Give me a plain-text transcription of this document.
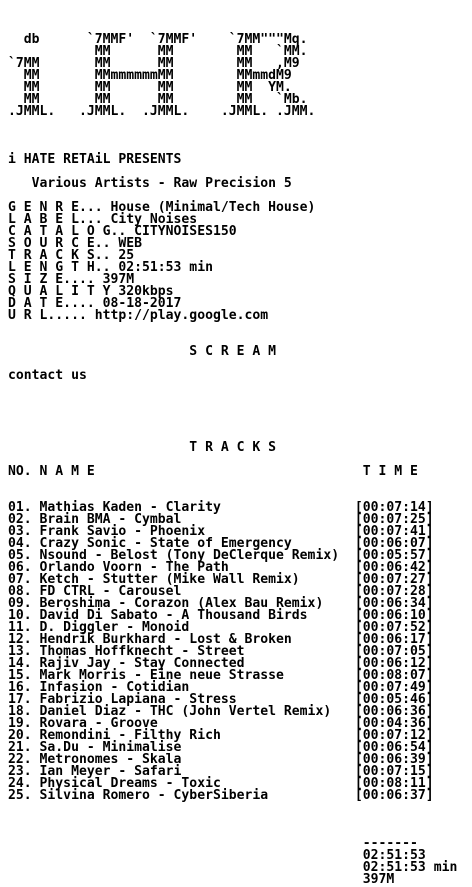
db      `7MMF'  `7MMF'    `7MM"""Mq.
MM      MM        MM   `MM.
`7MM       MM      MM        MM   ,M9
MM       MMmmmmmmMM        MMmmdM9
MM       MM      MM        MM  YM.
MM       MM      MM        MM   `Mb.
.JMML.   .JMML.  .JMML.    .JMML. .JMM.
i HATE RETAiL PRESENTS
Various Artists - Raw Precision 5
G E N R E... House (Minimal/Tech House)
L A B E L... City Noises
C A T A L O G.. CITYNOISES150
S O U R C E.. WEB
T R A C K S.. 25
L E N G T H.. 02:51:53 min
S I Z E.... 397M
Q U A L I T Y 320kbps
D A T E.... 08-18-2017
U R L..... http://play.google.com
S C R E A M
contact us
T R A C K S
NO. N A M E                                  T I M E
01. Mathias Kaden - Clarity                 [00:07:14]
02. Brain BMA - Cymbal                      [00:07:25]
03. Frank Savio - Phoenix                   [00:07:41]
04. Crazy Sonic - State of Emergency        [00:06:07]
05. Nsound - Belost (Tony DeClerque Remix)  [00:05:57]
06. Orlando Voorn - The Path                [00:06:42]
07. Ketch - Stutter (Mike Wall Remix)       [00:07:27]
08. FD CTRL - Carousel                      [00:07:28]
09. Beroshima - Corazon (Alex Bau Remix)    [00:06:34]
10. David Di Sabato - A Thousand Birds      [00:06:10]
11. D. Diggler - Monoid                     [00:07:52]
12. Hendrik Burkhard - Lost & Broken        [00:06:17]
13. Thomas Hoffknecht - Street              [00:07:05]
14. Rajiv Jay - Stay Connected              [00:06:12]
15. Mark Morris - Eine neue Strasse         [00:08:07]
16. Infasion - Cotidian                     [00:07:49]
17. Fabrizio Lapiana - Stress               [00:05:46]
18. Daniel Diaz - THC (John Vertel Remix)   [00:06:36]
19. Rovara - Groove                         [00:04:36]
20. Remondini - Filthy Rich                 [00:07:12]
21. Sa.Du - Minimalise                      [00:06:54]
22. Metronomes - Skala                      [00:06:39]
23. Ian Meyer - Safari                      [00:07:15]
24. Physical Dreams - Toxic                 [00:08:11]
25. Silvina Romero - CyberSiberia           [00:06:37]
-------
02:51:53
02:51:53 min
397M
